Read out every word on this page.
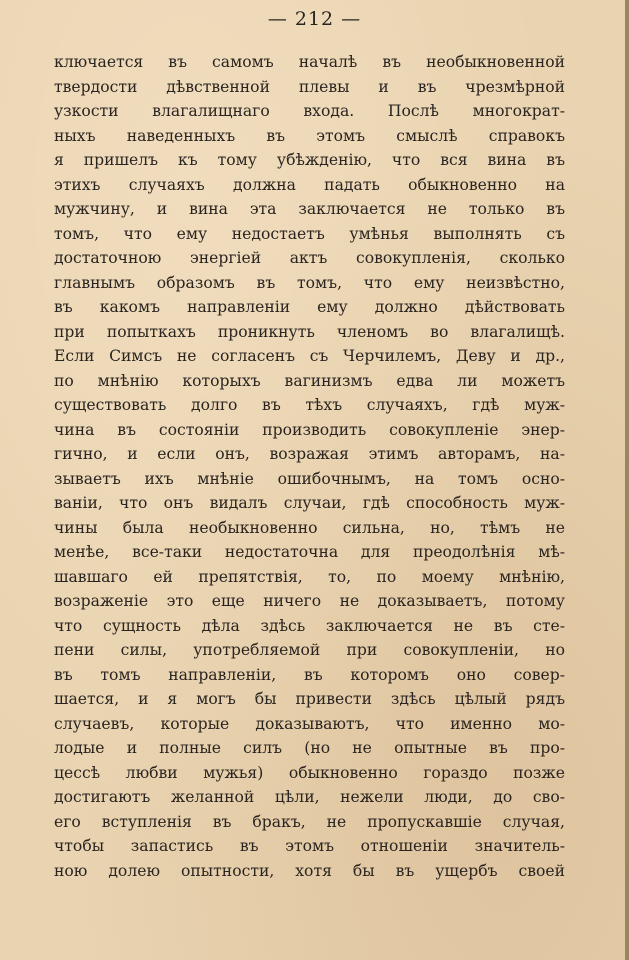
— 212 —
ключается въ самомъ началѣ въ необыкновенной
твердости дѣвственной плевы и въ чрезмѣрной
узкости влагалищнаго входа. Послѣ многократ-
ныхъ наведенныхъ въ этомъ смыслѣ справокъ
я пришелъ къ тому убѣжденію, что вся вина въ
этихъ случаяхъ должна падать обыкновенно на
мужчину, и вина эта заключается не только въ
томъ, что ему недостаетъ умѣнья выполнять съ
достаточною энергіей актъ совокупленія, сколько
главнымъ образомъ въ томъ, что ему неизвѣстно,
въ какомъ направленіи ему должно дѣйствовать
при попыткахъ проникнуть членомъ во влагалищѣ.
Если Симсъ не согласенъ съ Черчилемъ, Деву и др.,
по мнѣнію которыхъ вагинизмъ едва ли можетъ
существовать долго въ тѣхъ случаяхъ, гдѣ муж-
чина въ состояніи производить совокупленіе энер-
гично, и если онъ, возражая этимъ авторамъ, на-
зываетъ ихъ мнѣніе ошибочнымъ, на томъ осно-
ваніи, что онъ видалъ случаи, гдѣ способность муж-
чины была необыкновенно сильна, но, тѣмъ не
менѣе, все-таки недостаточна для преодолѣнія мѣ-
шавшаго ей препятствія, то, по моему мнѣнію,
возраженіе это еще ничего не доказываетъ, потому
что сущность дѣла здѣсь заключается не въ сте-
пени силы, употребляемой при совокупленіи, но
въ томъ направленіи, въ которомъ оно совер-
шается, и я могъ бы привести здѣсь цѣлый рядъ
случаевъ, которые доказываютъ, что именно мо-
лодые и полные силъ (но не опытные въ про-
цессѣ любви мужья) обыкновенно гораздо позже
достигаютъ желанной цѣли, нежели люди, до сво-
его вступленія въ бракъ, не пропускавшіе случая,
чтобы запастись въ этомъ отношеніи значитель-
ною долею опытности, хотя бы въ ущербъ своей
